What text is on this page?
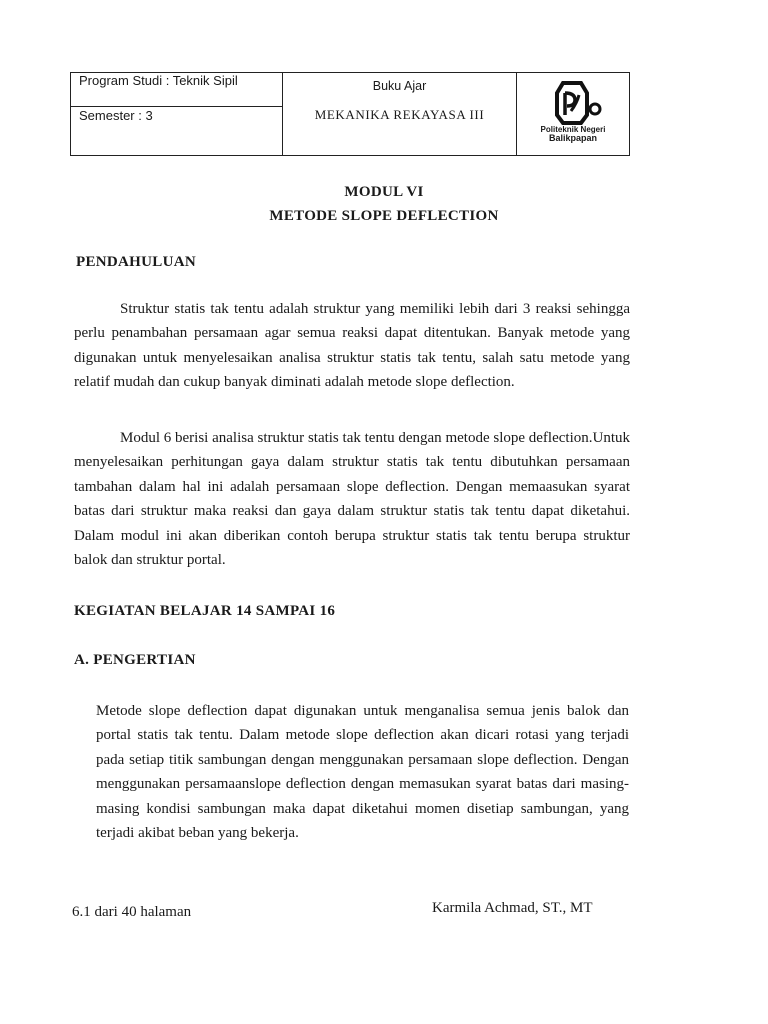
Program Studi : Teknik Sipil
Semester : 3
Buku Ajar
MEKANIKA REKAYASA III
Politeknik Negeri
Balikpapan
MODUL VI
METODE SLOPE DEFLECTION
PENDAHULUAN
Struktur statis tak tentu adalah struktur yang memiliki lebih dari 3 reaksi sehingga perlu penambahan persamaan agar semua reaksi dapat ditentukan. Banyak metode yang digunakan untuk menyelesaikan analisa struktur statis tak tentu, salah satu metode yang relatif mudah dan cukup banyak diminati adalah metode slope deflection.
Modul 6 berisi analisa struktur statis tak tentu dengan metode slope deflection.Untuk menyelesaikan perhitungan gaya dalam struktur statis tak tentu dibutuhkan persamaan tambahan dalam hal ini adalah persamaan slope deflection. Dengan memaasukan syarat batas dari struktur maka reaksi dan gaya dalam struktur statis tak tentu dapat diketahui. Dalam modul ini akan diberikan contoh berupa struktur statis tak tentu berupa struktur balok dan struktur portal.
KEGIATAN BELAJAR 14 SAMPAI 16
A. PENGERTIAN
Metode slope deflection dapat digunakan untuk menganalisa semua jenis balok dan portal statis tak tentu. Dalam metode slope deflection akan dicari rotasi yang terjadi pada setiap titik sambungan dengan menggunakan persamaan slope deflection. Dengan menggunakan persamaanslope deflection dengan memasukan syarat batas dari masing-masing kondisi sambungan maka dapat diketahui momen disetiap sambungan, yang terjadi akibat beban yang bekerja.
6.1 dari 40 halaman	Karmila Achmad, ST., MT
